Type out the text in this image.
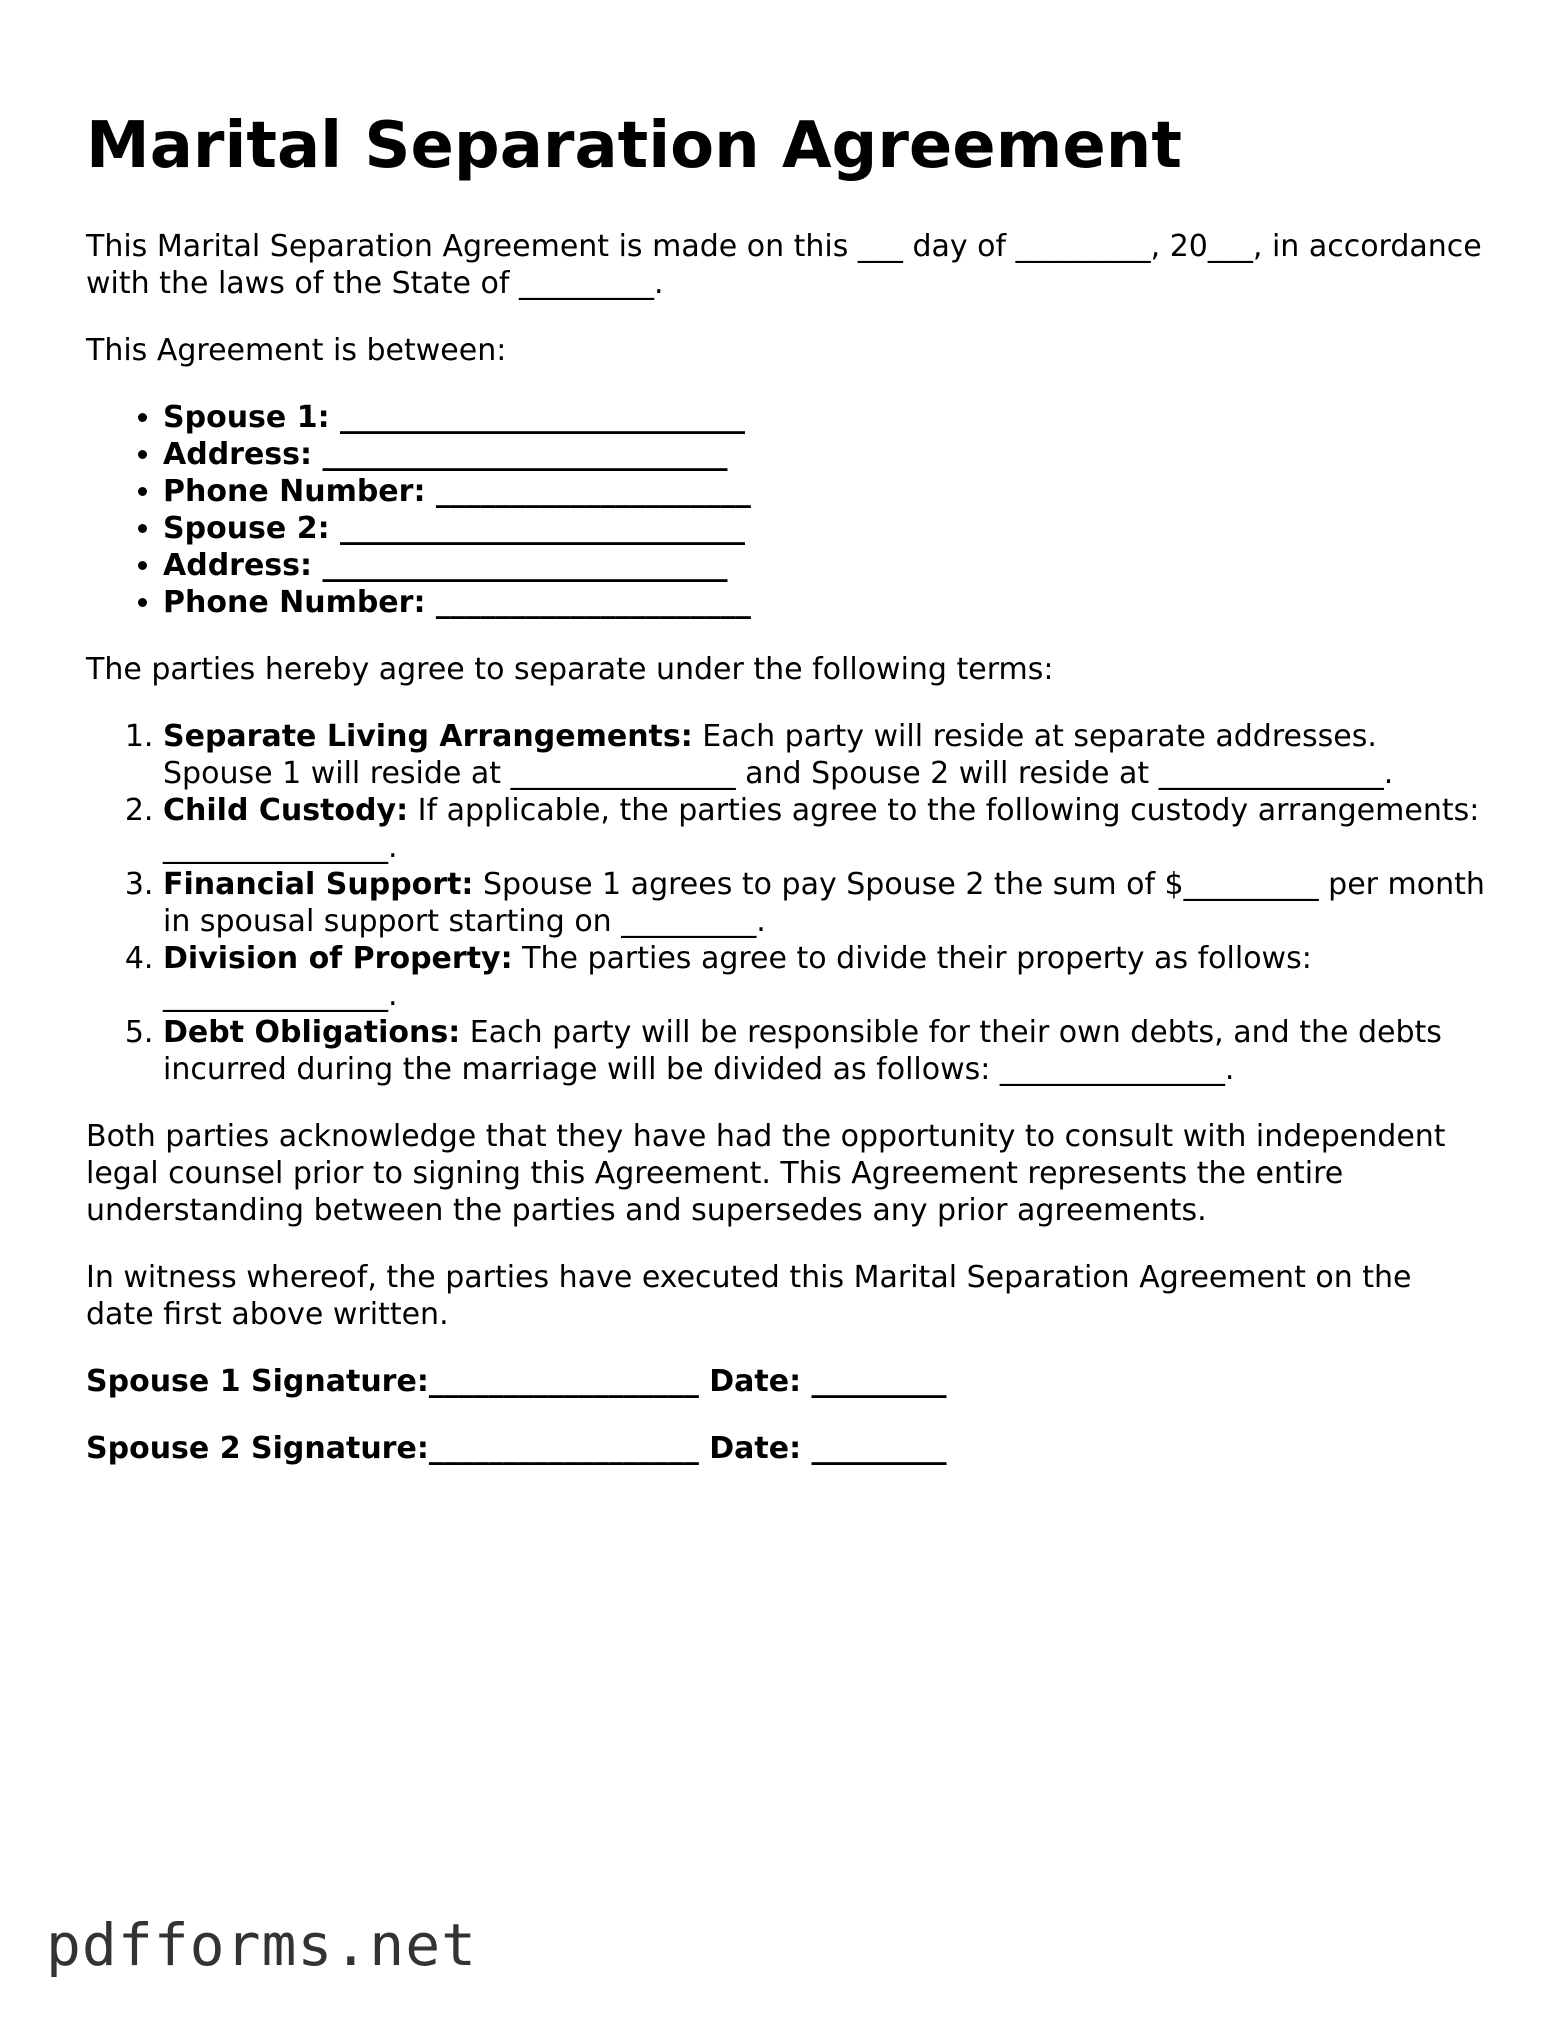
Marital Separation Agreement

This Marital Separation Agreement is made on this ___ day of _________, 20___, in accordance with the laws of the State of _________.

This Agreement is between:

• Spouse 1: ___________________________
• Address: ___________________________
• Phone Number: _____________________
• Spouse 2: ___________________________
• Address: ___________________________
• Phone Number: _____________________

The parties hereby agree to separate under the following terms:

1. Separate Living Arrangements: Each party will reside at separate addresses. Spouse 1 will reside at _______________ and Spouse 2 will reside at _______________.
2. Child Custody: If applicable, the parties agree to the following custody arrangements: _______________.
3. Financial Support: Spouse 1 agrees to pay Spouse 2 the sum of $_________ per month in spousal support starting on _________.
4. Division of Property: The parties agree to divide their property as follows: _______________.
5. Debt Obligations: Each party will be responsible for their own debts, and the debts incurred during the marriage will be divided as follows: _______________.

Both parties acknowledge that they have had the opportunity to consult with independent legal counsel prior to signing this Agreement. This Agreement represents the entire understanding between the parties and supersedes any prior agreements.

In witness whereof, the parties have executed this Marital Separation Agreement on the date first above written.

Spouse 1 Signature:__________________ Date: _________
Spouse 2 Signature:__________________ Date: _________
pdfforms.net
